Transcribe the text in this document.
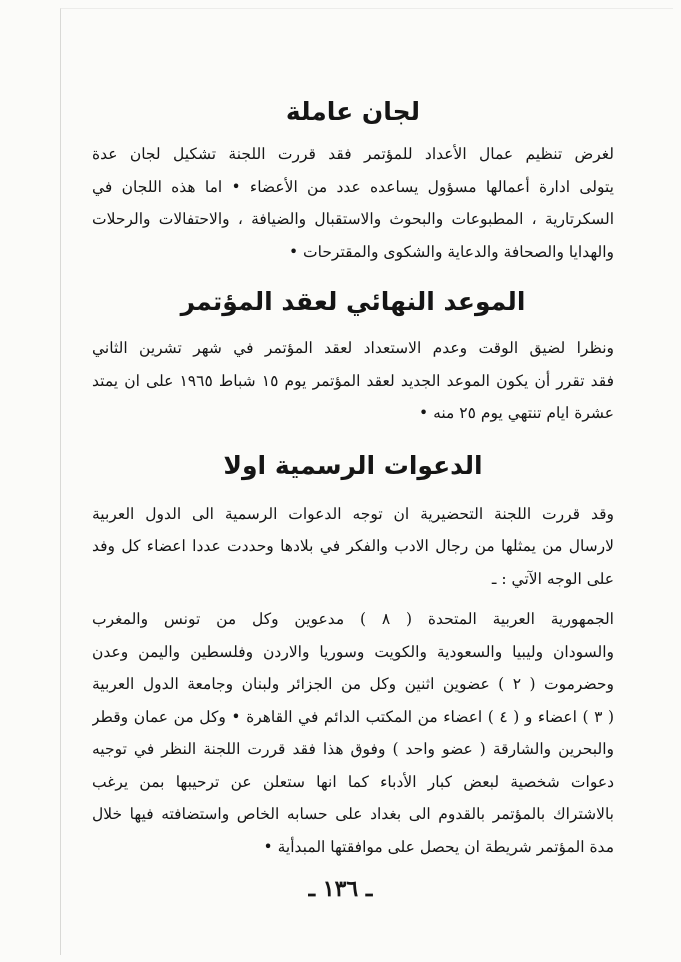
لجان عاملة
لغرض تنظيم عمال الأعداد للمؤتمر فقد قررت اللجنة تشكيل لجان عدة
يتولى ادارة أعمالها مسؤول يساعده عدد من الأعضاء • اما هذه اللجان في
السكرتارية ، المطبوعات والبحوث والاستقبال والضيافة ، والاحتفالات والرحلات
والهدايا والصحافة والدعاية والشكوى والمقترحات •
الموعد النهائي لعقد المؤتمر
ونظرا لضيق الوقت وعدم الاستعداد لعقد المؤتمر في شهر تشرين الثاني
فقد تقرر أن يكون الموعد الجديد لعقد المؤتمر يوم ١٥ شباط ١٩٦٥ على ان يمتد
عشرة ايام تنتهي يوم ٢٥ منه •
الدعوات الرسمية اولا
وقد قررت اللجنة التحضيرية ان توجه الدعوات الرسمية الى الدول العربية
لارسال من يمثلها من رجال الادب والفكر في بلادها وحددت عددا اعضاء كل وفد
على الوجه الآتي : ـ
الجمهورية العربية المتحدة ( ٨ ) مدعوين وكل من تونس والمغرب
والسودان وليبيا والسعودية والكويت وسوريا والاردن وفلسطين واليمن وعدن
وحضرموت ( ٢ ) عضوين اثنين وكل من الجزائر ولبنان وجامعة الدول العربية
( ٣ ) اعضاء و ( ٤ ) اعضاء من المكتب الدائم في القاهرة • وكل من عمان وقطر
والبحرين والشارقة ( عضو واحد ) وفوق هذا فقد قررت اللجنة النظر في توجيه
دعوات شخصية لبعض كبار الأدباء كما انها ستعلن عن ترحيبها بمن يرغب
بالاشتراك بالمؤتمر بالقدوم الى بغداد على حسابه الخاص واستضافته فيها خلال
مدة المؤتمر شريطة ان يحصل على موافقتها المبدأية •
ـ ١٣٦ ـ
